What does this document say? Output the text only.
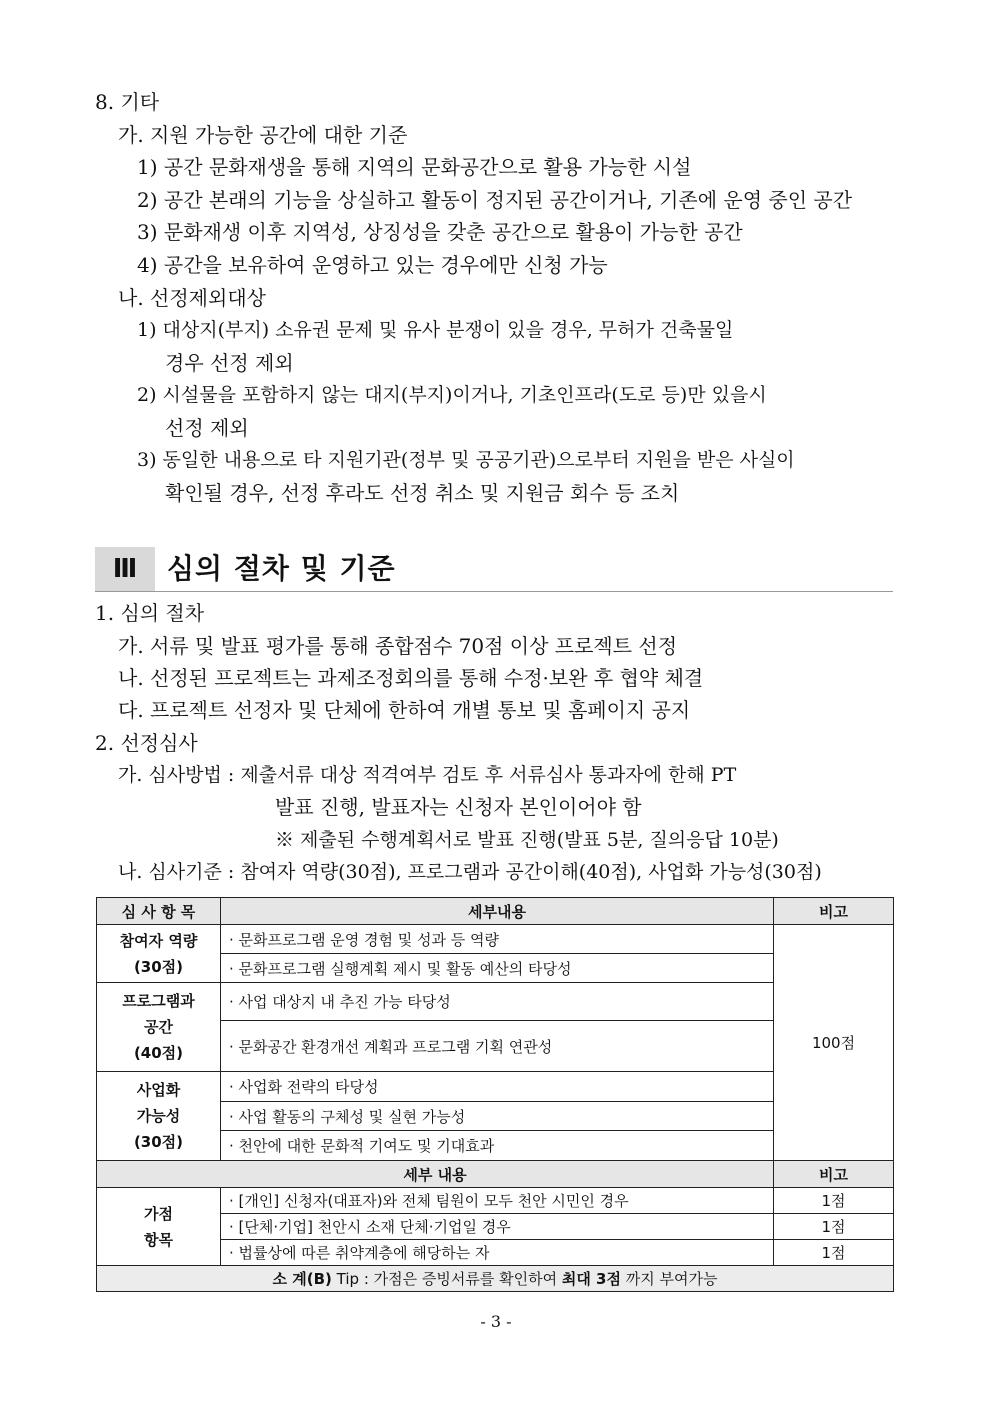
8. 기타
가. 지원 가능한 공간에 대한 기준
1) 공간 문화재생을 통해 지역의 문화공간으로 활용 가능한 시설
2) 공간 본래의 기능을 상실하고 활동이 정지된 공간이거나, 기존에 운영 중인 공간
3) 문화재생 이후 지역성, 상징성을 갖춘 공간으로 활용이 가능한 공간
4) 공간을 보유하여 운영하고 있는 경우에만 신청 가능
나. 선정제외대상
1) 대상지(부지) 소유권 문제 및 유사 분쟁이 있을 경우, 무허가 건축물일
경우 선정 제외
2) 시설물을 포함하지 않는 대지(부지)이거나, 기초인프라(도로 등)만 있을시
선정 제외
3) 동일한 내용으로 타 지원기관(정부 및 공공기관)으로부터 지원을 받은 사실이
확인될 경우, 선정 후라도 선정 취소 및 지원금 회수 등 조치
Ⅲ	심의 절차 및 기준
1. 심의 절차
가. 서류 및 발표 평가를 통해 종합점수 70점 이상 프로젝트 선정
나. 선정된 프로젝트는 과제조정회의를 통해 수정·보완 후 협약 체결
다. 프로젝트 선정자 및 단체에 한하여 개별 통보 및 홈페이지 공지
2. 선정심사
가. 심사방법 : 제출서류 대상 적격여부 검토 후 서류심사 통과자에 한해 PT
발표 진행, 발표자는 신청자 본인이어야 함
※ 제출된 수행계획서로 발표 진행(발표 5분, 질의응답 10분)
나. 심사기준 : 참여자 역량(30점), 프로그램과 공간이해(40점), 사업화 가능성(30점)
심 사 항 목	세부내용	비고

참여자 역량
(30점)	· 문화프로그램 운영 경험 및 성과 등 역량	100점
	· 문화프로그램 실행계획 제시 및 활동 예산의 타당성	

프로그램과
공간
(40점)	· 사업 대상지 내 추진 가능 타당성	
	· 문화공간 환경개선 계획과 프로그램 기획 연관성	

사업화
가능성
(30점)	· 사업화 전략의 타당성	
	· 사업 활동의 구체성 및 실현 가능성	
	· 천안에 대한 문화적 기여도 및 기대효과	
세부 내용		비고

가점
항목	· [개인] 신청자(대표자)와 전체 팀원이 모두 천안 시민인 경우	1점
	· [단체·기업] 천안시 소재 단체·기업일 경우	1점
	· 법률상에 따른 취약계층에 해당하는 자	1점
소 계(B) Tip : 가점은 증빙서류를 확인하여 최대 3점 까지 부여가능		
- 3 -
